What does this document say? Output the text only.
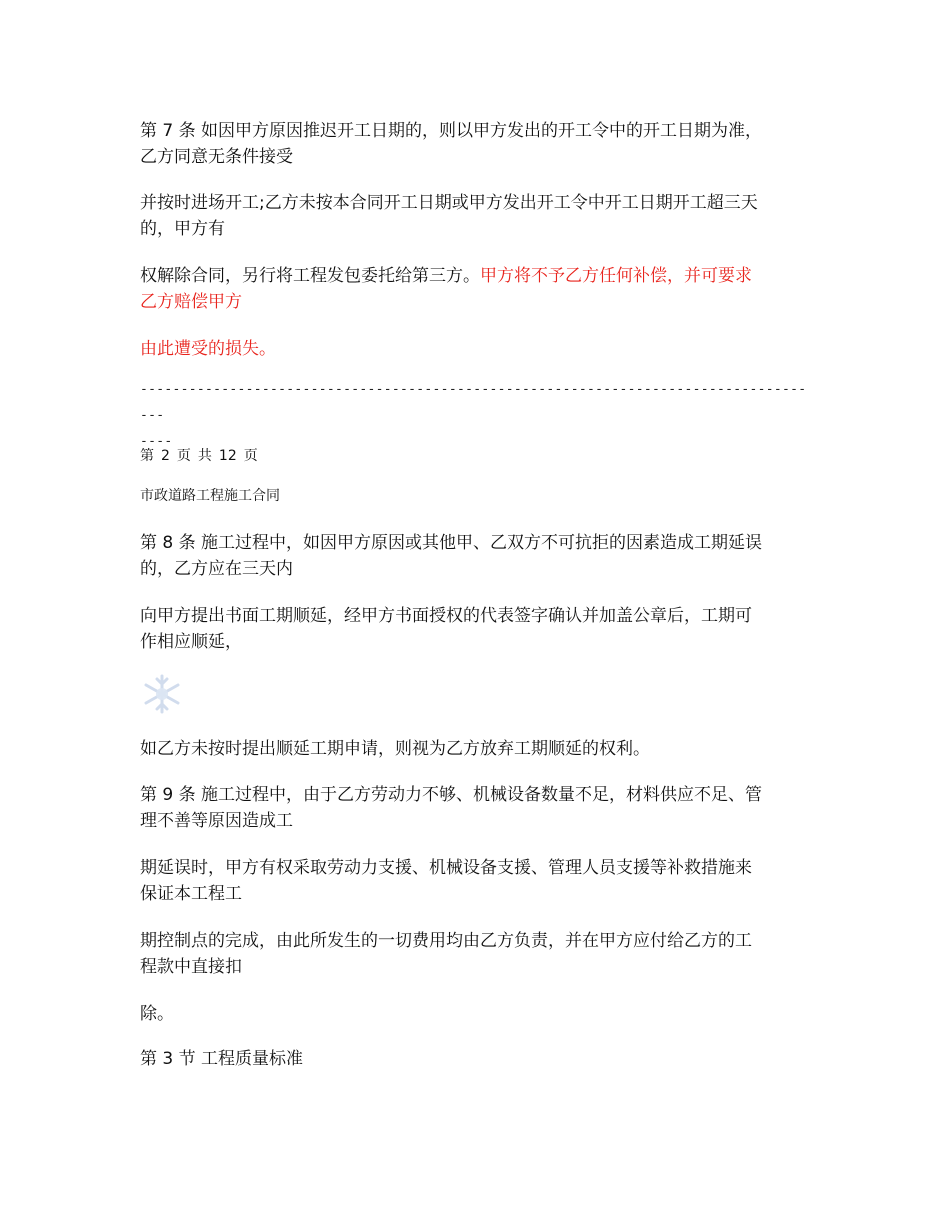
第 7 条 如因甲方原因推迟开工日期的，则以甲方发出的开工令中的开工日期为准，
乙方同意无条件接受
并按时进场开工;乙方未按本合同开工日期或甲方发出开工令中开工日期开工超三天
的，甲方有
权解除合同，另行将工程发包委托给第三方。甲方将不予乙方任何补偿，并可要求
乙方赔偿甲方
由此遭受的损失。
-------------------------------------------------------------------------------------
----
第 2 页 共 12 页
市政道路工程施工合同
第 8 条 施工过程中，如因甲方原因或其他甲、乙双方不可抗拒的因素造成工期延误
的，乙方应在三天内
向甲方提出书面工期顺延，经甲方书面授权的代表签字确认并加盖公章后，工期可
作相应顺延，
如乙方未按时提出顺延工期申请，则视为乙方放弃工期顺延的权利。
第 9 条 施工过程中，由于乙方劳动力不够、机械设备数量不足，材料供应不足、管
理不善等原因造成工
期延误时，甲方有权采取劳动力支援、机械设备支援、管理人员支援等补救措施来
保证本工程工
期控制点的完成，由此所发生的一切费用均由乙方负责，并在甲方应付给乙方的工
程款中直接扣
除。
第 3 节 工程质量标准
